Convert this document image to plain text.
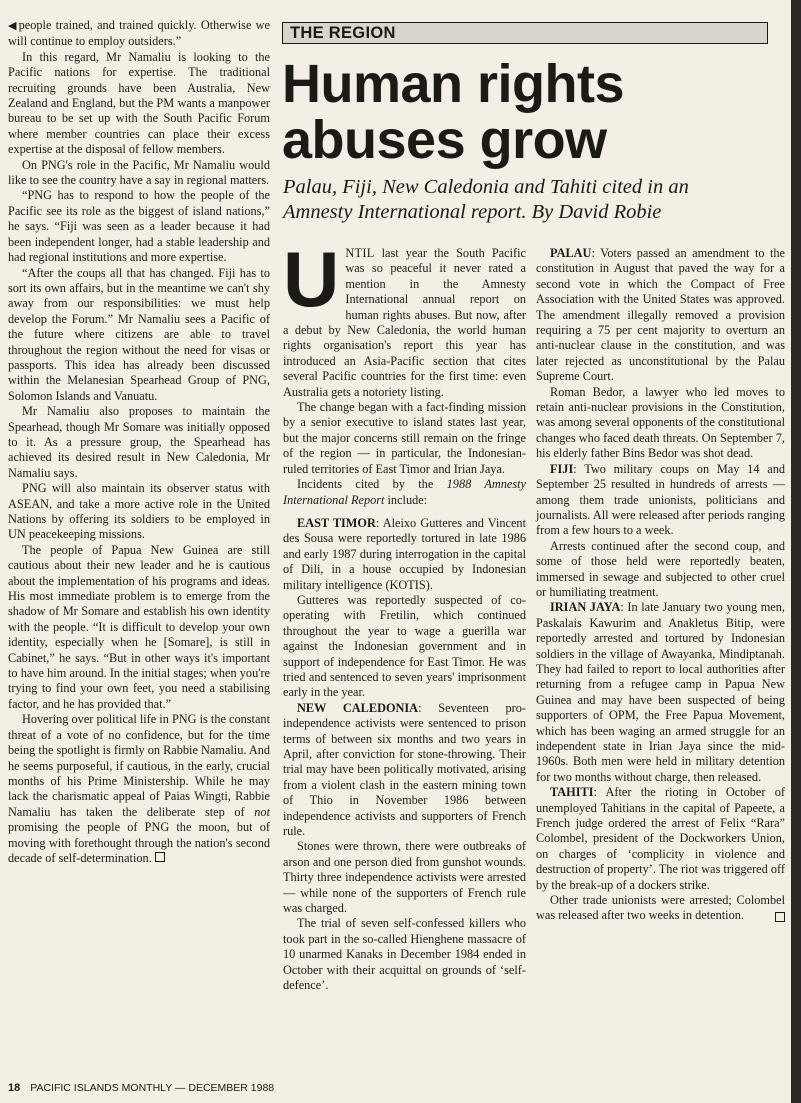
◀people trained, and trained quickly. Otherwise we will continue to employ outsiders.”

In this regard, Mr Namaliu is looking to the Pacific nations for expertise. The traditional recruiting grounds have been Australia, New Zealand and England, but the PM wants a manpower bureau to be set up with the South Pacific Forum where member countries can place their excess expertise at the disposal of fellow members.

On PNG's role in the Pacific, Mr Namaliu would like to see the country have a say in regional matters.

“PNG has to respond to how the people of the Pacific see its role as the biggest of island nations,” he says. “Fiji was seen as a leader because it had been independent longer, had a stable leadership and had regional institutions and more expertise.

“After the coups all that has changed. Fiji has to sort its own affairs, but in the meantime we can't shy away from our responsibilities: we must help develop the Forum.” Mr Namaliu sees a Pacific of the future where citizens are able to travel throughout the region without the need for visas or passports. This idea has already been discussed within the Melanesian Spearhead Group of PNG, Solomon Islands and Vanuatu.

Mr Namaliu also proposes to maintain the Spearhead, though Mr Somare was initially opposed to it. As a pressure group, the Spearhead has achieved its desired result in New Caledonia, Mr Namaliu says.

PNG will also maintain its observer status with ASEAN, and take a more active role in the United Nations by offering its soldiers to be employed in UN peacekeeping missions.

The people of Papua New Guinea are still cautious about their new leader and he is cautious about the implementation of his programs and ideas. His most immediate problem is to emerge from the shadow of Mr Somare and establish his own identity with the people. “It is difficult to develop your own identity, especially when he [Somare], is still in Cabinet,” he says. “But in other ways it's important to have him around. In the initial stages; when you're trying to find your own feet, you need a stabilising factor, and he has provided that.”

Hovering over political life in PNG is the constant threat of a vote of no confidence, but for the time being the spotlight is firmly on Rabbie Namaliu. And he seems purposeful, if cautious, in the early, crucial months of his Prime Ministership. While he may lack the charismatic appeal of Paias Wingti, Rabbie Namaliu has taken the deliberate step of not promising the people of PNG the moon, but of moving with forethought through the nation's second decade of self-determination.

THE REGION
Human rights abuses grow

Palau, Fiji, New Caledonia and Tahiti cited in an Amnesty International report. By David Robie

UNTIL last year the South Pacific was so peaceful it never rated a mention in the Amnesty International annual report on human rights abuses. But now, after a debut by New Caledonia, the world human rights organisation's report this year has introduced an Asia-Pacific section that cites several Pacific countries for the first time: even Australia gets a notoriety listing.

The change began with a fact-finding mission by a senior executive to island states last year, but the major concerns still remain on the fringe of the region — in particular, the Indonesian-ruled territories of East Timor and Irian Jaya.

Incidents cited by the 1988 Amnesty International Report include:

EAST TIMOR: Aleixo Gutteres and Vincent des Sousa were reportedly tortured in late 1986 and early 1987 during interrogation in the capital of Dili, in a house occupied by Indonesian military intelligence (KOTIS).

Gutteres was reportedly suspected of co-operating with Fretilin, which continued throughout the year to wage a guerilla war against the Indonesian government and in support of independence for East Timor. He was tried and sentenced to seven years' imprisonment early in the year.

NEW CALEDONIA: Seventeen pro-independence activists were sentenced to prison terms of between six months and two years in April, after conviction for stone-throwing. Their trial may have been politically motivated, arising from a violent clash in the eastern mining town of Thio in November 1986 between independence activists and supporters of French rule.

Stones were thrown, there were outbreaks of arson and one person died from gunshot wounds. Thirty three independence activists were arrested — while none of the supporters of French rule was charged.

The trial of seven self-confessed killers who took part in the so-called Hienghene massacre of 10 unarmed Kanaks in December 1984 ended in October with their acquittal on grounds of ‘self-defence’.

PALAU: Voters passed an amendment to the constitution in August that paved the way for a second vote in which the Compact of Free Association with the United States was approved. The amendment illegally removed a provision requiring a 75 per cent majority to overturn an anti-nuclear clause in the constitution, and was later rejected as unconstitutional by the Palau Supreme Court.

Roman Bedor, a lawyer who led moves to retain anti-nuclear provisions in the Constitution, was among several opponents of the constitutional changes who faced death threats. On September 7, his elderly father Bins Bedor was shot dead.

FIJI: Two military coups on May 14 and September 25 resulted in hundreds of arrests — among them trade unionists, politicians and journalists. All were released after periods ranging from a few hours to a week.

Arrests continued after the second coup, and some of those held were reportedly beaten, immersed in sewage and subjected to other cruel or humiliating treatment.

IRIAN JAYA: In late January two young men, Paskalais Kawurim and Anakletus Bitip, were reportedly arrested and tortured by Indonesian soldiers in the village of Awayanka, Mindiptanah. They had failed to report to local authorities after returning from a refugee camp in Papua New Guinea and may have been suspected of being supporters of OPM, the Free Papua Movement, which has been waging an armed struggle for an independent state in Irian Jaya since the mid-1960s. Both men were held in military detention for two months without charge, then released.

TAHITI: After the rioting in October of unemployed Tahitians in the capital of Papeete, a French judge ordered the arrest of Felix “Rara” Colombel, president of the Dockworkers Union, on charges of ‘complicity in violence and destruction of property’. The riot was triggered off by the break-up of a dockers strike.

Other trade unionists were arrested; Colombel was released after two weeks in detention.

18 PACIFIC ISLANDS MONTHLY — DECEMBER 1988
